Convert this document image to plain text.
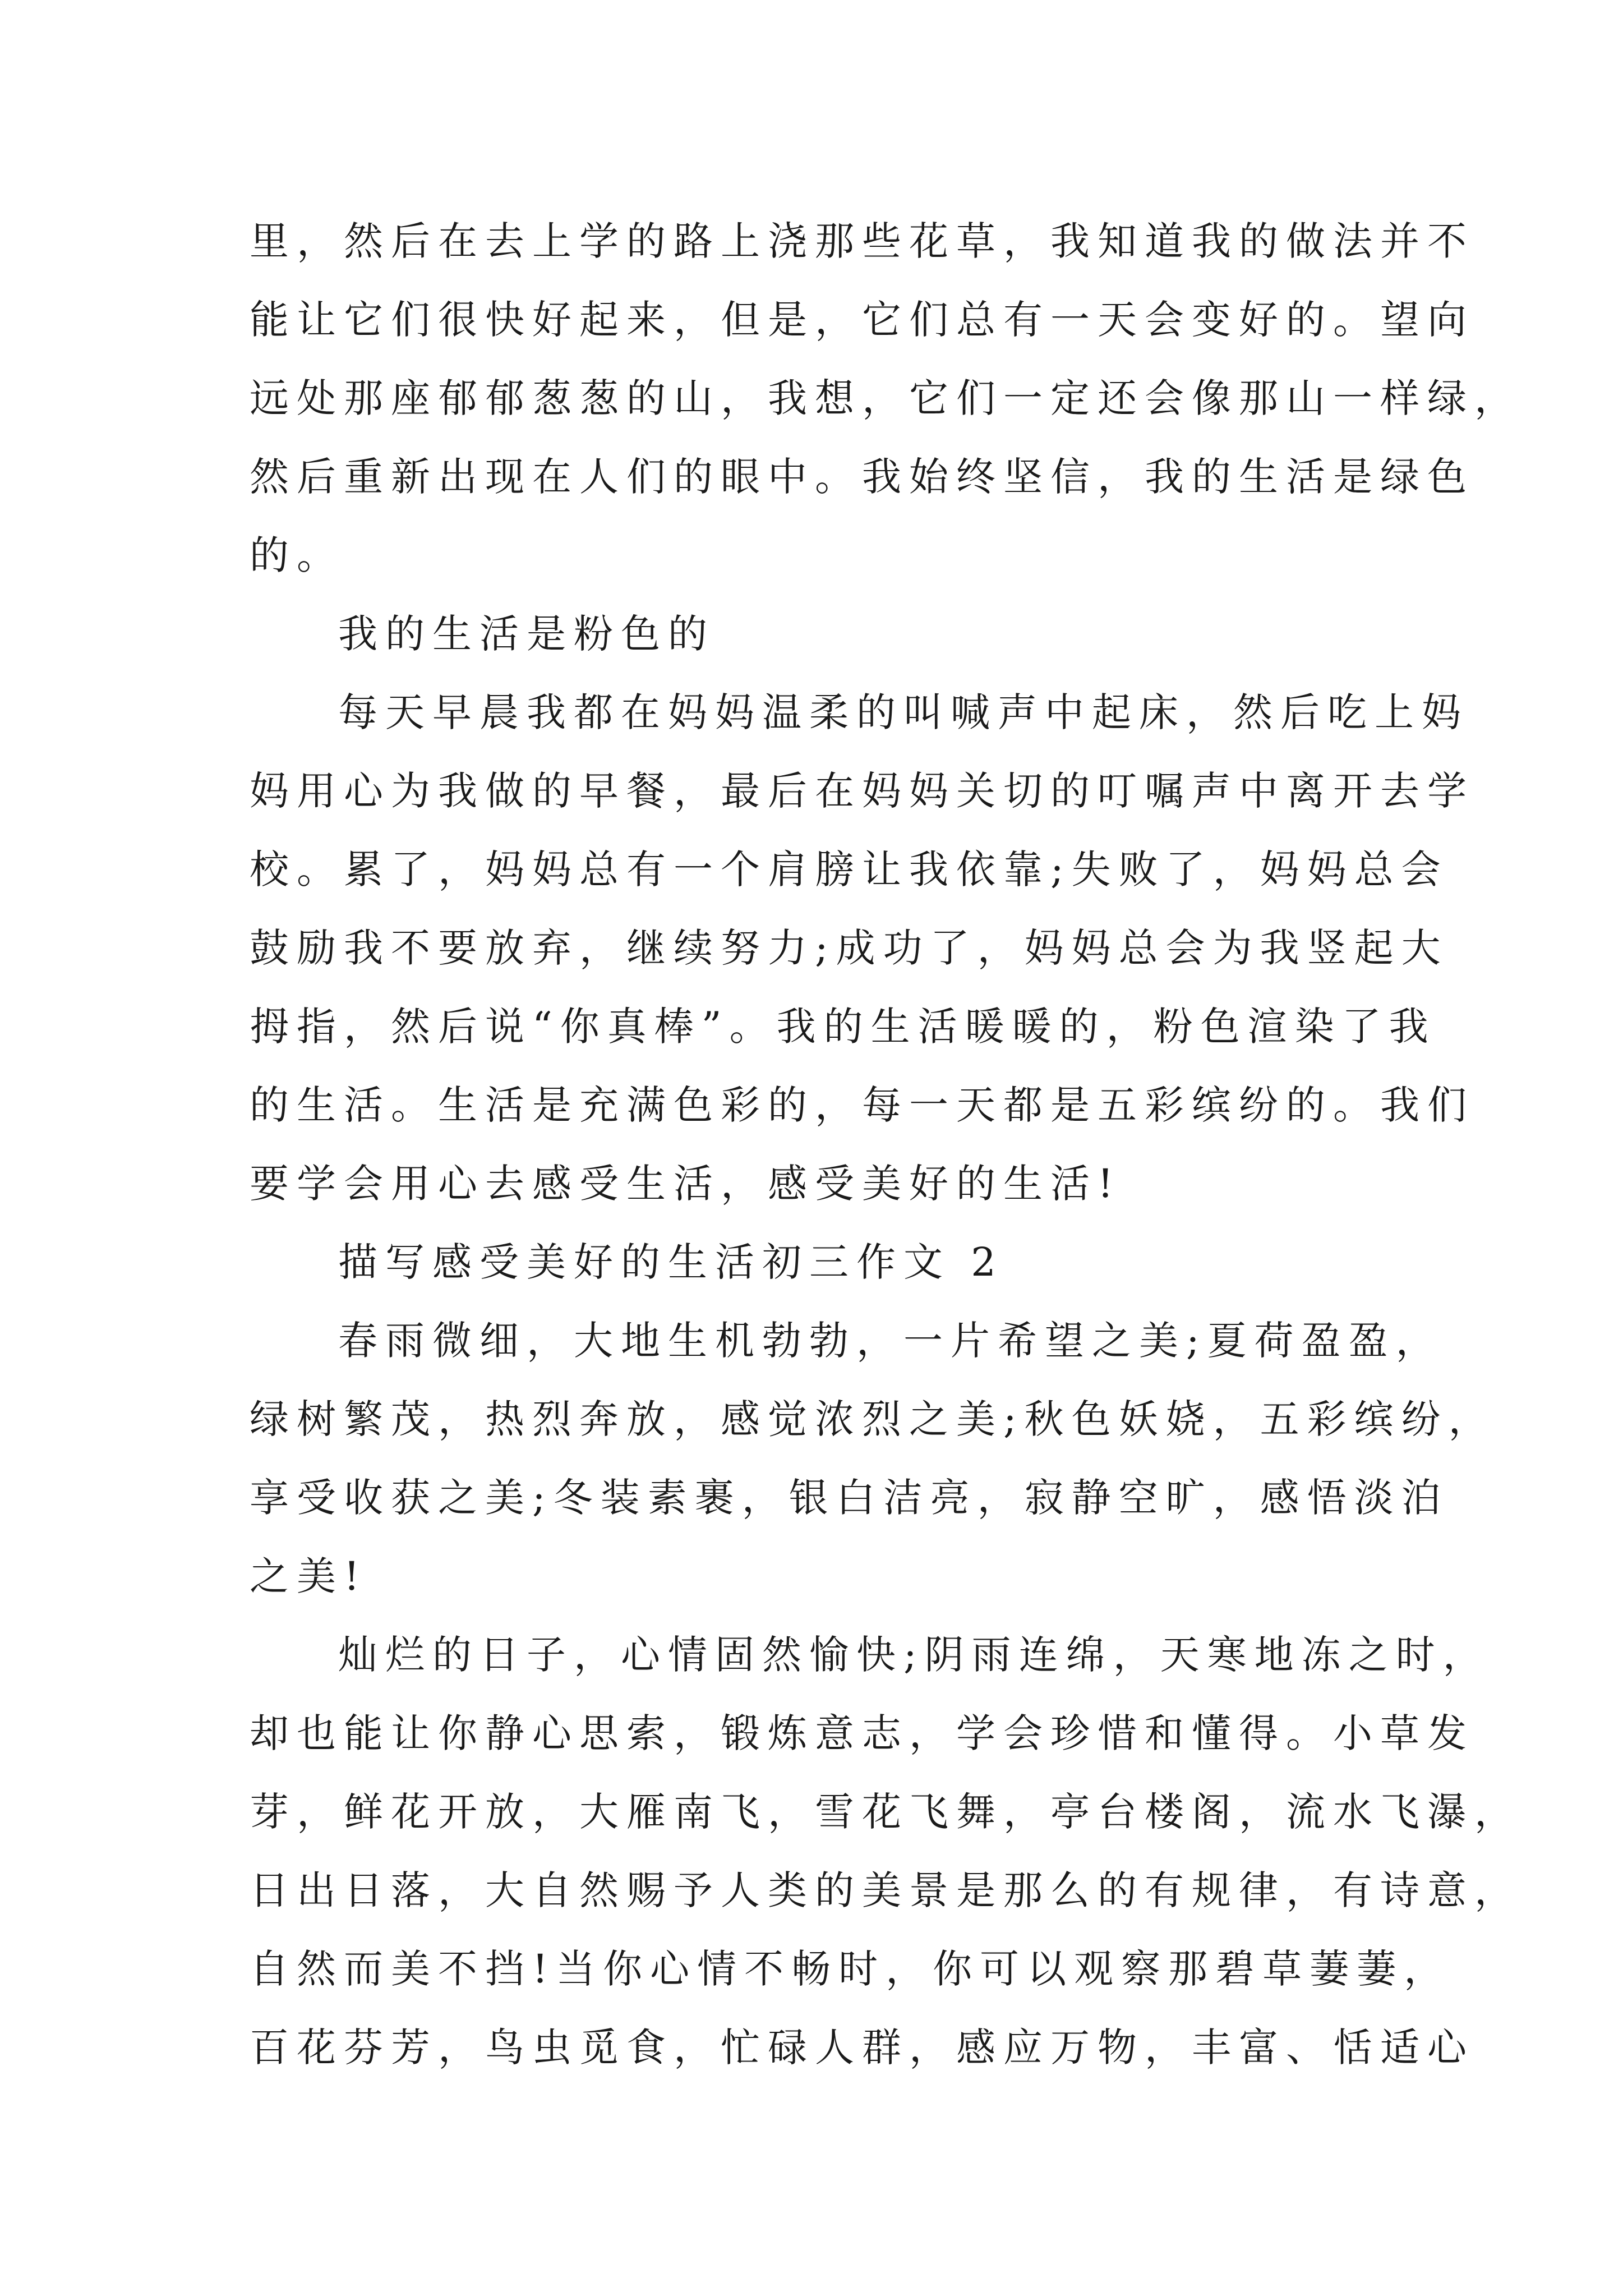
里，然后在去上学的路上浇那些花草，我知道我的做法并不
能让它们很快好起来，但是，它们总有一天会变好的。望向
远处那座郁郁葱葱的山，我想，它们一定还会像那山一样绿，
然后重新出现在人们的眼中。我始终坚信，我的生活是绿色
的。
我的生活是粉色的
每天早晨我都在妈妈温柔的叫喊声中起床，然后吃上妈
妈用心为我做的早餐，最后在妈妈关切的叮嘱声中离开去学
校。累了，妈妈总有一个肩膀让我依靠;失败了，妈妈总会
鼓励我不要放弃，继续努力;成功了，妈妈总会为我竖起大
拇指，然后说“你真棒”。我的生活暖暖的，粉色渲染了我
的生活。生活是充满色彩的，每一天都是五彩缤纷的。我们
要学会用心去感受生活，感受美好的生活!
描写感受美好的生活初三作文 2
春雨微细，大地生机勃勃，一片希望之美;夏荷盈盈，
绿树繁茂，热烈奔放，感觉浓烈之美;秋色妖娆，五彩缤纷，
享受收获之美;冬装素裹，银白洁亮，寂静空旷，感悟淡泊
之美!
灿烂的日子，心情固然愉快;阴雨连绵，天寒地冻之时，
却也能让你静心思索，锻炼意志，学会珍惜和懂得。小草发
芽，鲜花开放，大雁南飞，雪花飞舞，亭台楼阁，流水飞瀑，
日出日落，大自然赐予人类的美景是那么的有规律，有诗意，
自然而美不挡!当你心情不畅时，你可以观察那碧草萋萋，
百花芬芳，鸟虫觅食，忙碌人群，感应万物，丰富、恬适心
